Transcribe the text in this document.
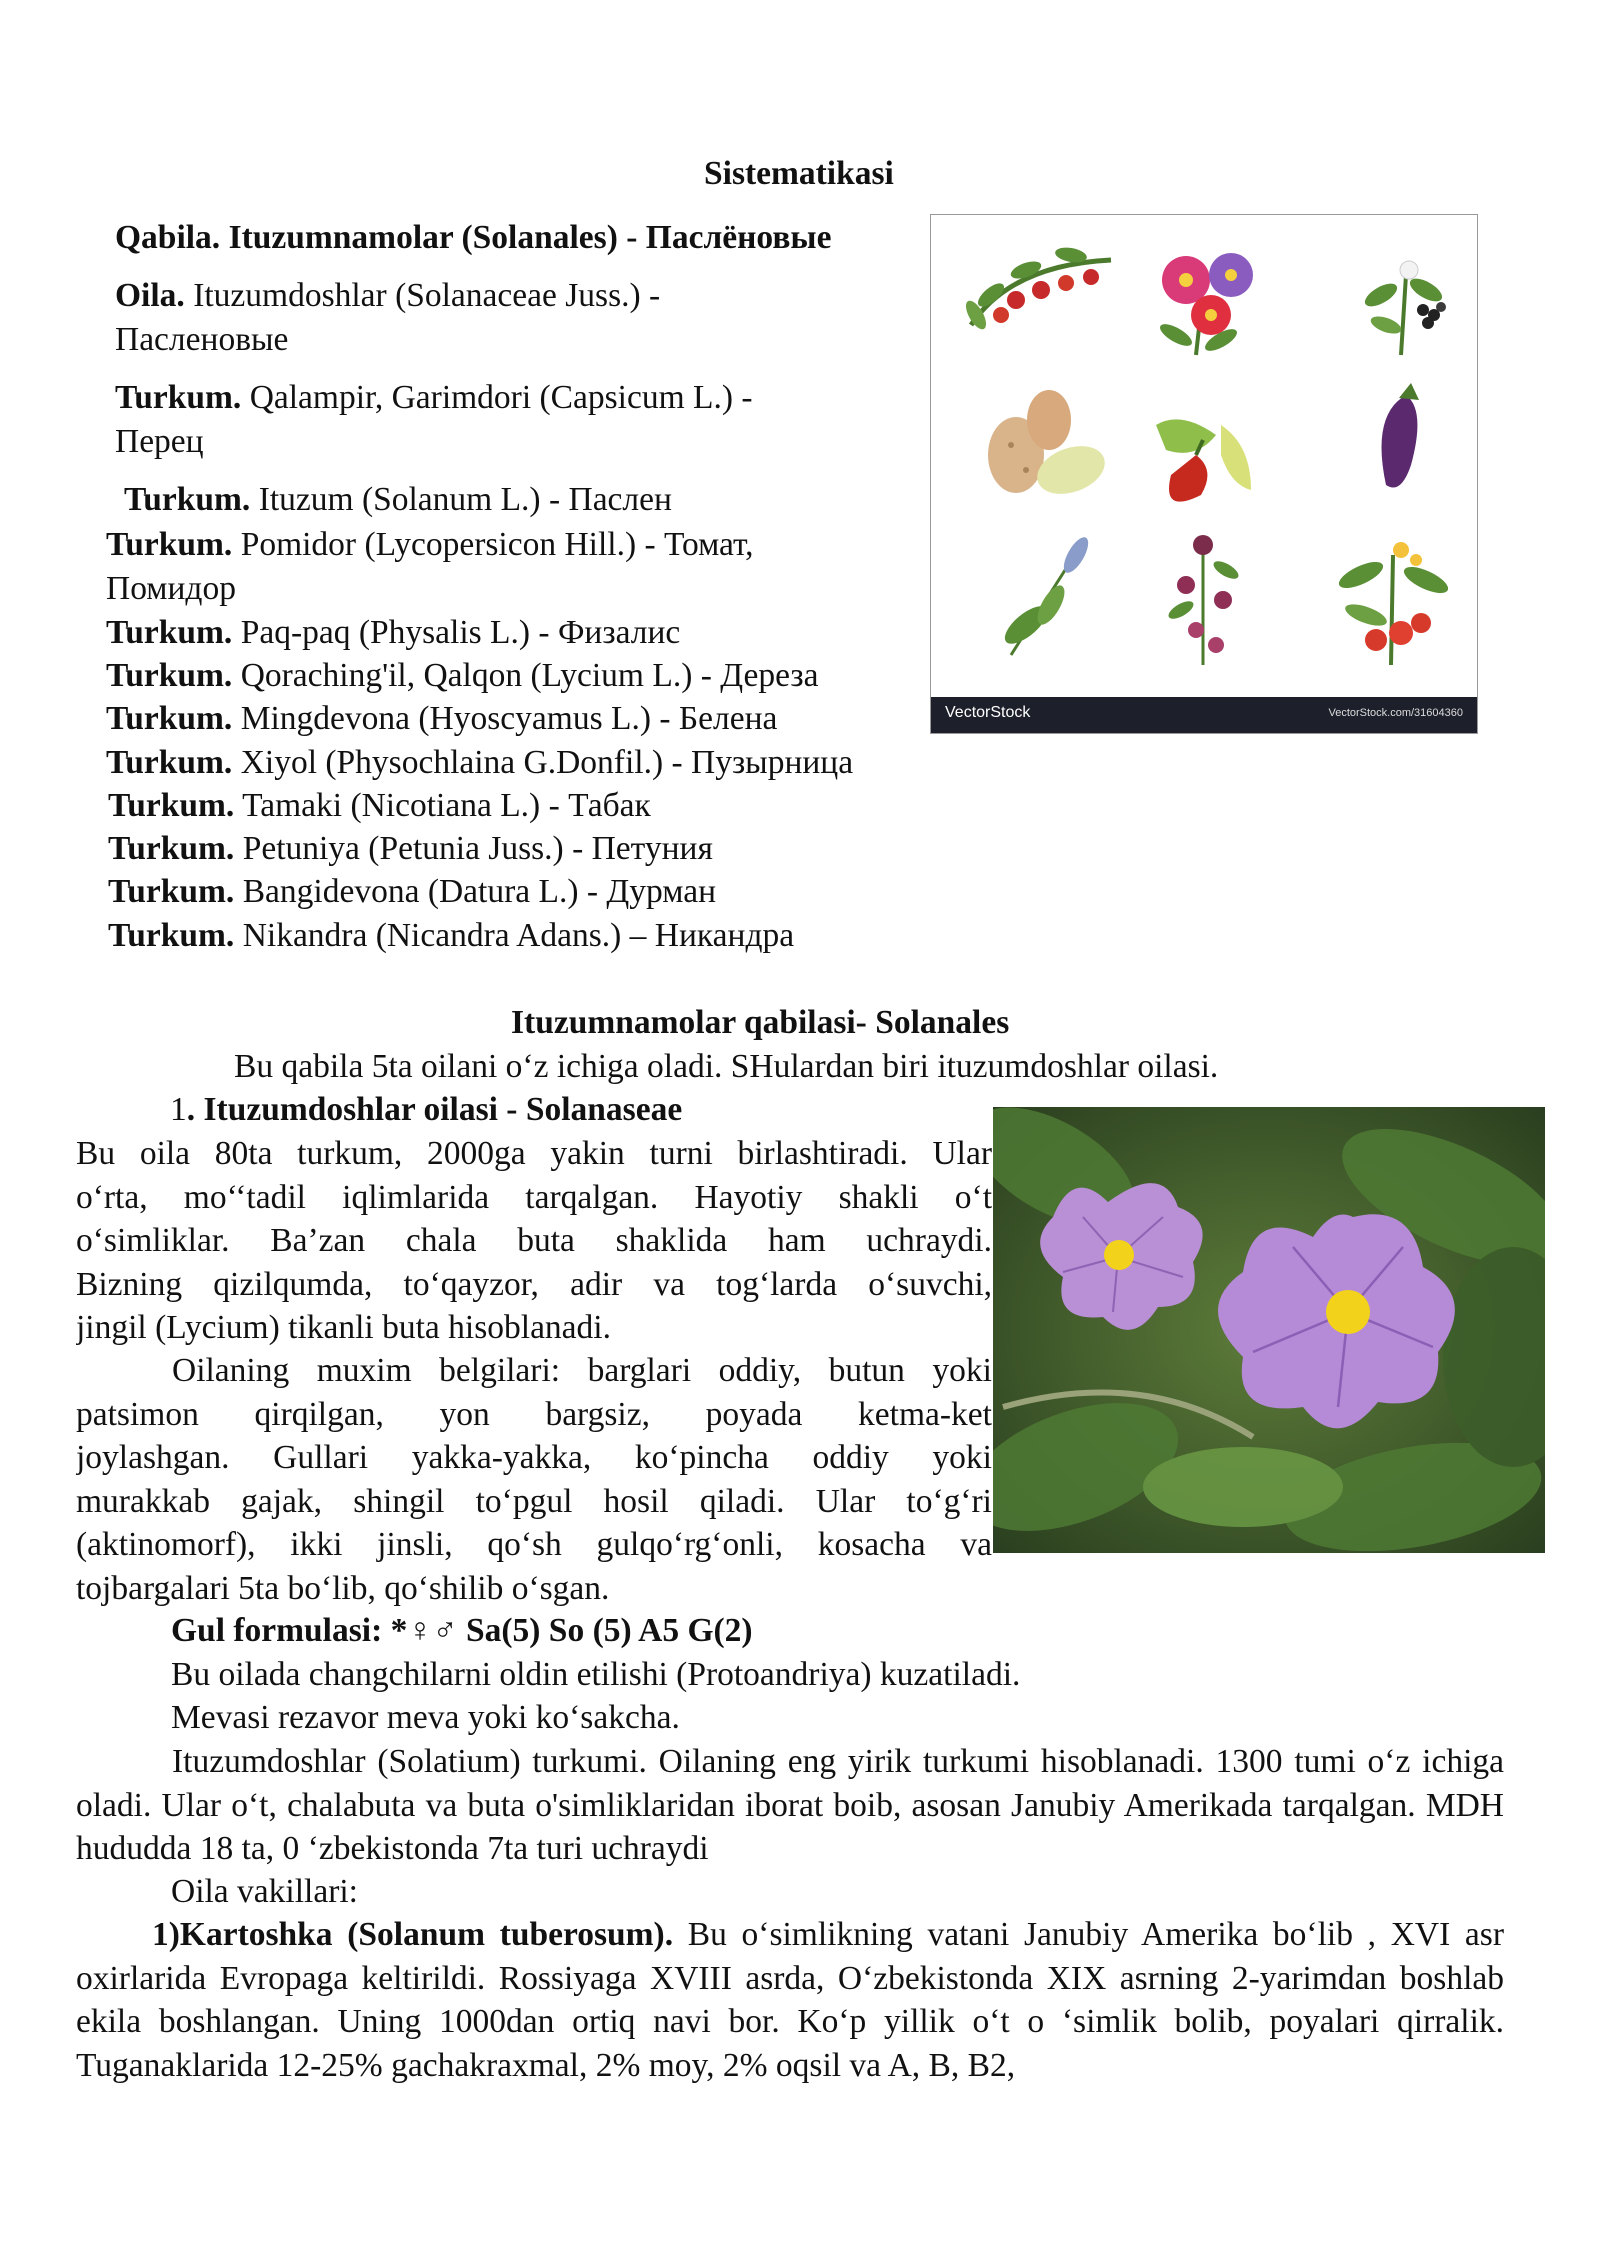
Sistematikasi
Qabila. Ituzumnamolar (Solanales) - Паслёновые
Oila. Ituzumdoshlar (Solanaceae Juss.) -
Пасленовые
Turkum. Qalampir, Garimdori (Capsicum L.) -
Перец
Turkum. Ituzum (Solanum L.) - Паслен
Turkum. Pomidor (Lycopersicon Hill.) - Томат,
Помидор
Turkum. Paq-paq (Physalis L.) - Физалис
Turkum. Qoraching'il, Qalqon (Lycium L.) - Дереза
Turkum. Mingdevona (Hyoscyamus L.) - Белена
Turkum. Xiyol (Physochlaina G.Donfil.) - Пузырница
Turkum. Tamaki (Nicotiana L.) - Табак
Turkum. Petuniya (Petunia Juss.) - Петуния
Turkum. Bangidevona (Datura L.) - Дурман
Turkum. Nikandra (Nicandra Adans.) – Никандра
VectorStock	VectorStock.com/31604360
Ituzumnamolar qabilasi- Solanales
Bu qabila 5ta oilani o‘z ichiga oladi. SHulardan biri ituzumdoshlar oilasi.
1. Ituzumdoshlar oilasi - Solanaseae
Bu oila 80ta turkum, 2000ga yakin turni birlashtiradi. Ular
o‘rta, mo‘‘tadil iqlimlarida tarqalgan. Hayotiy shakli o‘t
o‘simliklar. Ba’zan chala buta shaklida ham uchraydi.
Bizning qizilqumda, to‘qayzor, adir va tog‘larda o‘suvchi,
jingil (Lycium) tikanli buta hisoblanadi.
Oilaning muxim belgilari: barglari oddiy, butun yoki
patsimon qirqilgan, yon bargsiz, poyada ketma-ket
joylashgan. Gullari yakka-yakka, ko‘pincha oddiy yoki
murakkab gajak, shingil to‘pgul hosil qiladi. Ular to‘g‘ri
(aktinomorf), ikki jinsli, qo‘sh gulqo‘rg‘onli, kosacha va
tojbargalari 5ta bo‘lib, qo‘shilib o‘sgan.
Gul formulasi: *♀♂ Sa(5) So (5) A5 G(2)
Bu oilada changchilarni oldin etilishi (Protoandriya) kuzatiladi.
Mevasi rezavor meva yoki ko‘sakcha.

Ituzumdoshlar (Solatium) turkumi. Oilaning eng yirik turkumi hisoblanadi. 1300 tumi o‘z ichiga oladi. Ular o‘t, chalabuta va buta o'simliklaridan iborat boib, asosan Janubiy Amerikada tarqalgan. MDH hududda 18 ta, 0 ‘zbekistonda 7ta turi uchraydi

Oila vakillari:

1)Kartoshka (Solanum tuberosum). Bu o‘simlikning vatani Janubiy Amerika bo‘lib , XVI asr oxirlarida Evropaga keltirildi. Rossiyaga XVIII asrda, O‘zbekistonda XIX asrning 2-yarimdan boshlab ekila boshlangan. Uning 1000dan ortiq navi bor. Ko‘p yillik o‘t o ‘simlik bolib, poyalari qirralik. Tuganaklarida 12-25% gachakraxmal, 2% moy, 2% oqsil va A, B, B2,
